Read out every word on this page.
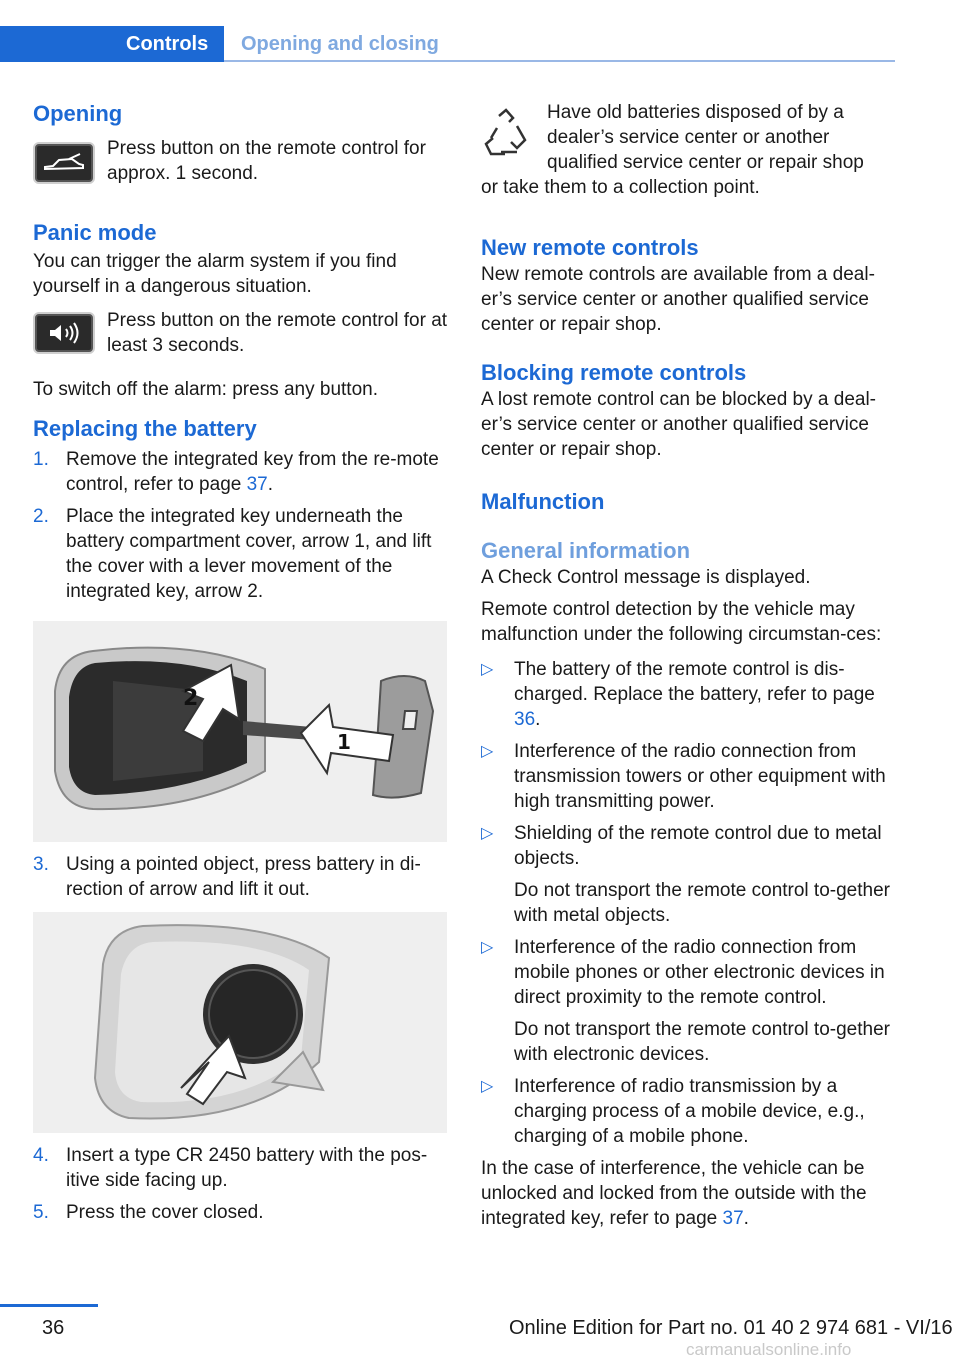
Controls	Opening and closing
Opening
Press button on the remote control for approx. 1 second.
Panic mode

You can trigger the alarm system if you find yourself in a dangerous situation.

Press button on the remote control for at least 3 seconds.

To switch off the alarm: press any button.

Replacing the battery
1. Remove the integrated key from the re‐mote control, refer to page 37.
2. Place the integrated key underneath the battery compartment cover, arrow 1, and lift the cover with a lever movement of the integrated key, arrow 2.
2
1
3. Using a pointed object, press battery in di‐rection of arrow and lift it out.
4. Insert a type CR 2450 battery with the pos‐itive side facing up.
5. Press the cover closed.

Have old batteries disposed of by a dealer’s service center or another qualified service center or repair shop

or take them to a collection point.

New remote controls

New remote controls are available from a deal‐er’s service center or another qualified service center or repair shop.

Blocking remote controls

A lost remote control can be blocked by a deal‐er’s service center or another qualified service center or repair shop.

Malfunction
General information

A Check Control message is displayed.

Remote control detection by the vehicle may malfunction under the following circumstan‐ces:

▷	The battery of the remote control is dis‐charged. Replace the battery, refer to page 36.
▷	Interference of the radio connection from transmission towers or other equipment with high transmitting power.
▷	Shielding of the remote control due to metal objects.

Do not transport the remote control to‐gether with metal objects.

▷	Interference of the radio connection from mobile phones or other electronic devices in direct proximity to the remote control.

Do not transport the remote control to‐gether with electronic devices.

▷	Interference of radio transmission by a charging process of a mobile device, e.g., charging of a mobile phone.

In the case of interference, the vehicle can be unlocked and locked from the outside with the integrated key, refer to page 37.

36	Online Edition for Part no. 01 40 2 974 681 - VI/16
carmanualsonline.info
